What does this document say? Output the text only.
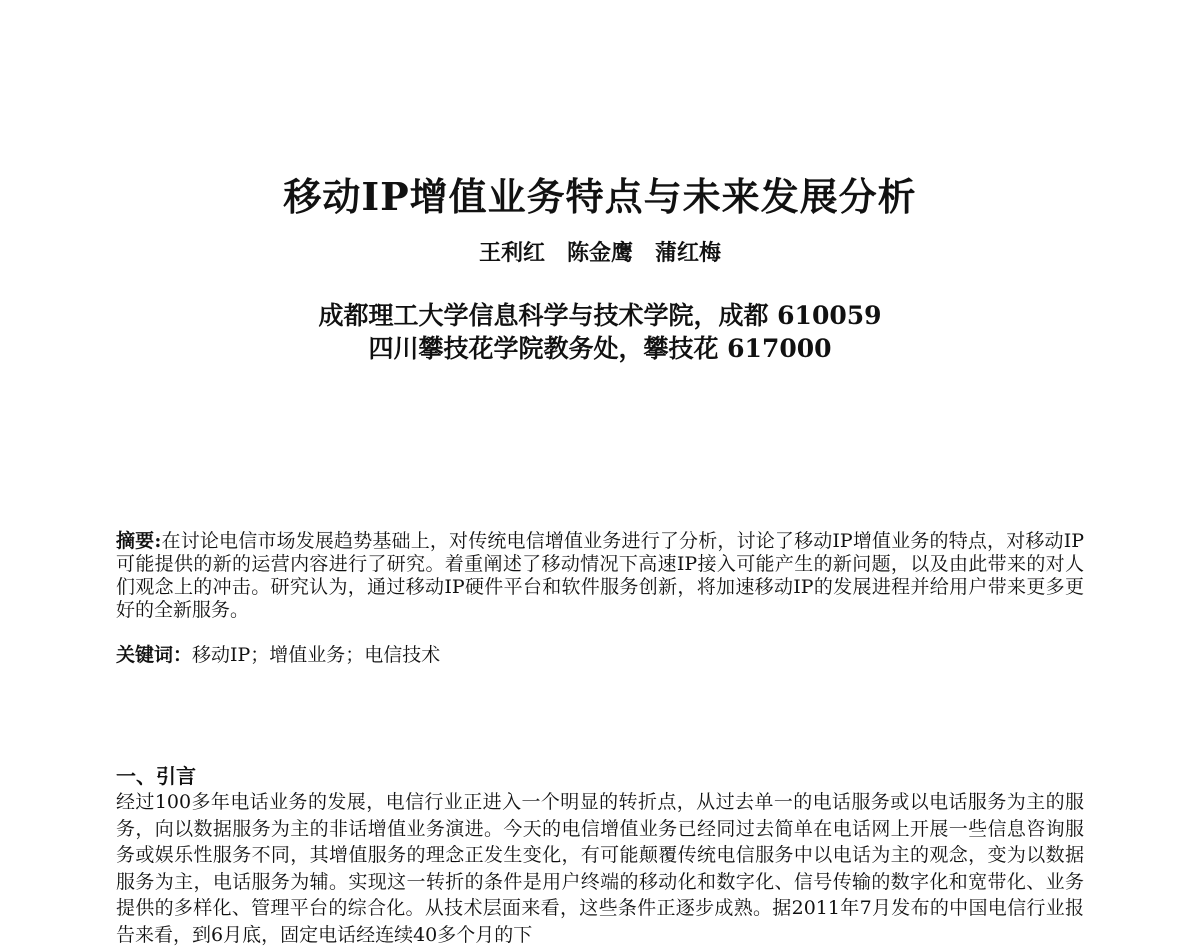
移动IP增值业务特点与未来发展分析
王利红　陈金鹰　蒲红梅
成都理工大学信息科学与技术学院，成都 610059
四川攀技花学院教务处，攀技花 617000

摘要:在讨论电信市场发展趋势基础上，对传统电信增值业务进行了分析，讨论了移动IP增值业务的特点，对移动IP可能提供的新的运营内容进行了研究。着重阐述了移动情况下高速IP接入可能产生的新问题，以及由此带来的对人们观念上的冲击。研究认为，通过移动IP硬件平台和软件服务创新，将加速移动IP的发展进程并给用户带来更多更好的全新服务。

关键词：移动IP；增值业务；电信技术

一、引言

经过100多年电话业务的发展，电信行业正进入一个明显的转折点，从过去单一的电话服务或以电话服务为主的服务，向以数据服务为主的非话增值业务演进。今天的电信增值业务已经同过去简单在电话网上开展一些信息咨询服务或娱乐性服务不同，其增值服务的理念正发生变化，有可能颠覆传统电信服务中以电话为主的观念，变为以数据服务为主，电话服务为辅。实现这一转折的条件是用户终端的移动化和数字化、信号传输的数字化和宽带化、业务提供的多样化、管理平台的综合化。从技术层面来看，这些条件正逐步成熟。据2011年7月发布的中国电信行业报告来看，到6月底，固定电话经连续40多个月的下
